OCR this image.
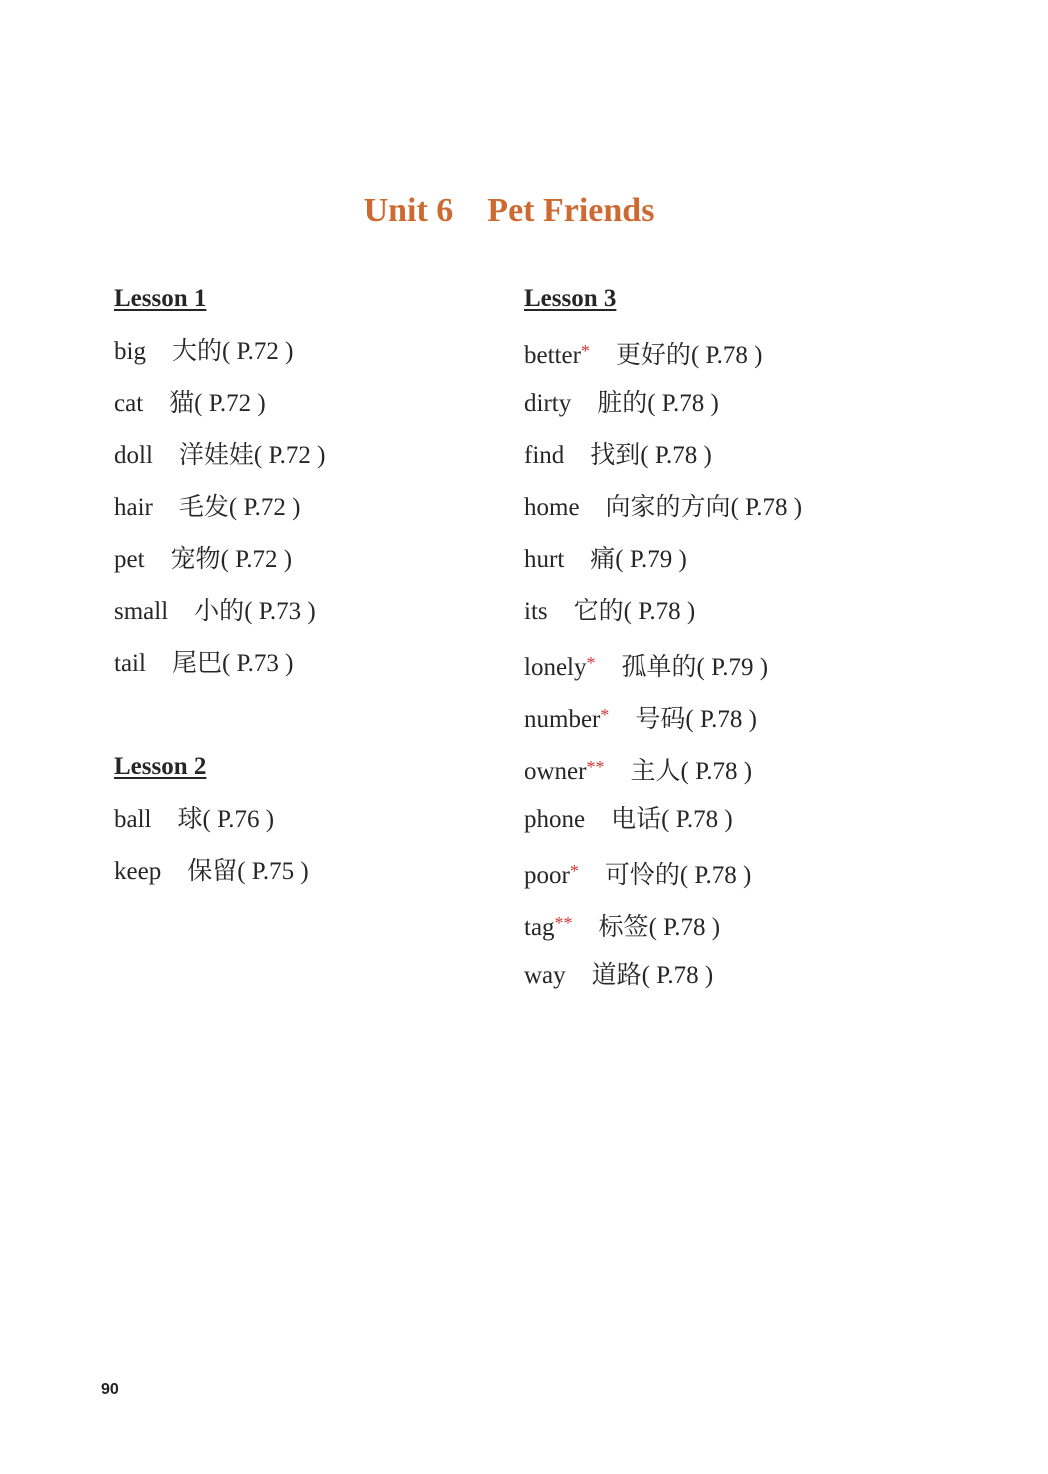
Unit 6    Pet Friends
Lesson 1
big 大的( P.72 )
cat 猫( P.72 )
doll 洋娃娃( P.72 )
hair 毛发( P.72 )
pet 宠物( P.72 )
small 小的( P.73 )
tail 尾巴( P.73 )
Lesson 2
ball 球( P.76 )
keep 保留( P.75 )
Lesson 3
better* 更好的( P.78 )
dirty 脏的( P.78 )
find 找到( P.78 )
home 向家的方向( P.78 )
hurt 痛( P.79 )
its 它的( P.78 )
lonely* 孤单的( P.79 )
number* 号码( P.78 )
owner** 主人( P.78 )
phone 电话( P.78 )
poor* 可怜的( P.78 )
tag** 标签( P.78 )
way 道路( P.78 )
90
